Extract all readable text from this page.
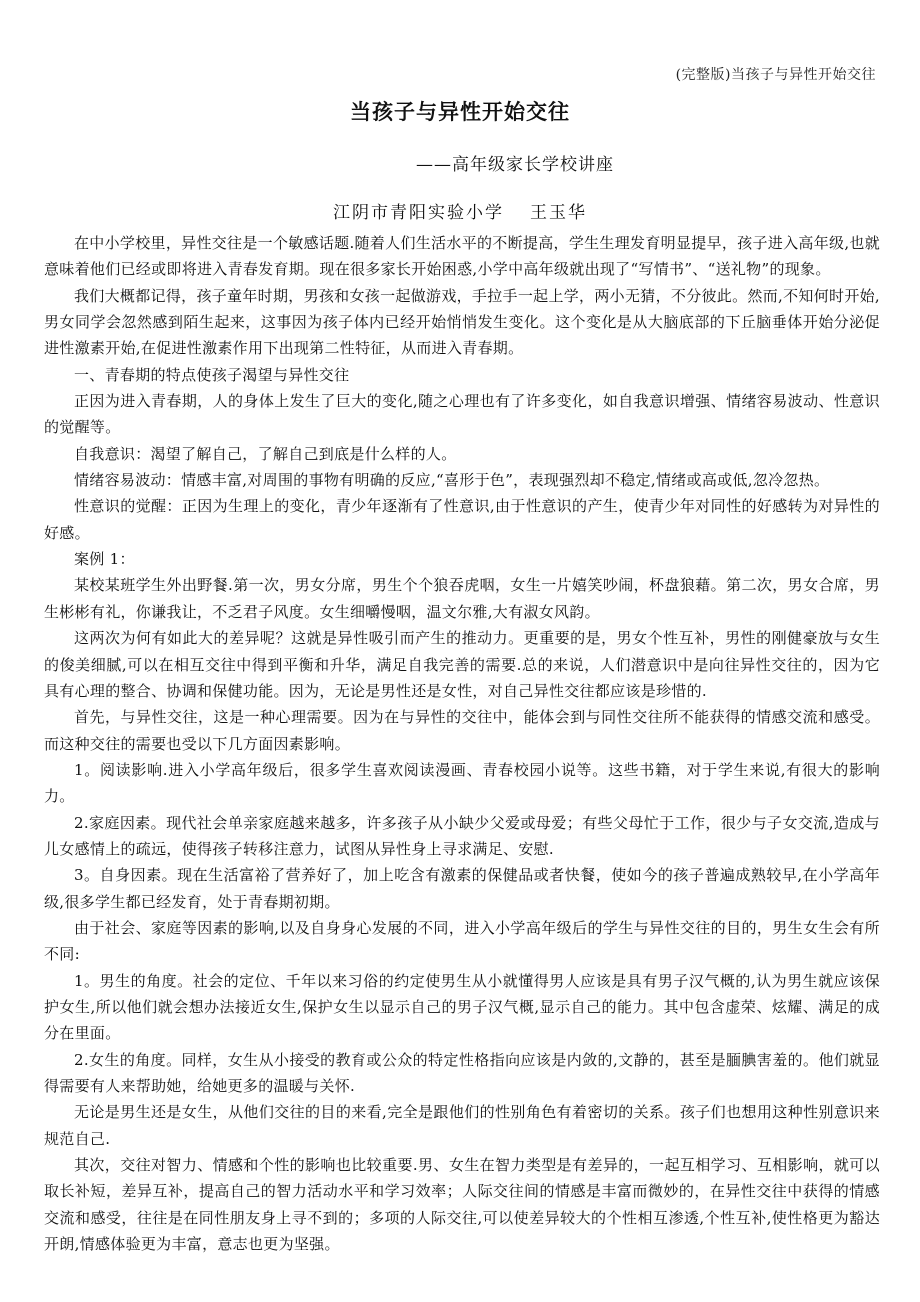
(完整版)当孩子与异性开始交往
当孩子与异性开始交往
——高年级家长学校讲座
江阴市青阳实验小学 王玉华

在中小学校里，异性交往是一个敏感话题.随着人们生活水平的不断提高，学生生理发育明显提早，孩子进入高年级,也就意味着他们已经或即将进入青春发育期。现在很多家长开始困惑,小学中高年级就出现了“写情书”、“送礼物”的现象。

我们大概都记得，孩子童年时期，男孩和女孩一起做游戏，手拉手一起上学，两小无猜，不分彼此。然而,不知何时开始,男女同学会忽然感到陌生起来，这事因为孩子体内已经开始悄悄发生变化。这个变化是从大脑底部的下丘脑垂体开始分泌促进性激素开始,在促进性激素作用下出现第二性特征，从而进入青春期。

一、青春期的特点使孩子渴望与异性交往

正因为进入青春期，人的身体上发生了巨大的变化,随之心理也有了许多变化，如自我意识增强、情绪容易波动、性意识的觉醒等。

自我意识：渴望了解自己，了解自己到底是什么样的人。

情绪容易波动：情感丰富,对周围的事物有明确的反应,“喜形于色”，表现强烈却不稳定,情绪或高或低,忽冷忽热。

性意识的觉醒：正因为生理上的变化，青少年逐渐有了性意识,由于性意识的产生，使青少年对同性的好感转为对异性的好感。

案例 1：

某校某班学生外出野餐.第一次，男女分席，男生个个狼吞虎咽，女生一片嬉笑吵闹，杯盘狼藉。第二次，男女合席，男生彬彬有礼，你谦我让，不乏君子风度。女生细嚼慢咽，温文尔雅,大有淑女风韵。

这两次为何有如此大的差异呢？这就是异性吸引而产生的推动力。更重要的是，男女个性互补，男性的刚健豪放与女生的俊美细腻,可以在相互交往中得到平衡和升华，满足自我完善的需要.总的来说，人们潜意识中是向往异性交往的，因为它具有心理的整合、协调和保健功能。因为，无论是男性还是女性，对自己异性交往都应该是珍惜的.

首先，与异性交往，这是一种心理需要。因为在与异性的交往中，能体会到与同性交往所不能获得的情感交流和感受。而这种交往的需要也受以下几方面因素影响。

1。阅读影响.进入小学高年级后，很多学生喜欢阅读漫画、青春校园小说等。这些书籍，对于学生来说,有很大的影响力。

2.家庭因素。现代社会单亲家庭越来越多，许多孩子从小缺少父爱或母爱；有些父母忙于工作，很少与子女交流,造成与儿女感情上的疏远，使得孩子转移注意力，试图从异性身上寻求满足、安慰.

3。自身因素。现在生活富裕了营养好了，加上吃含有激素的保健品或者快餐，使如今的孩子普遍成熟较早,在小学高年级,很多学生都已经发育，处于青春期初期。

由于社会、家庭等因素的影响,以及自身身心发展的不同，进入小学高年级后的学生与异性交往的目的，男生女生会有所不同:

1。男生的角度。社会的定位、千年以来习俗的约定使男生从小就懂得男人应该是具有男子汉气概的,认为男生就应该保护女生,所以他们就会想办法接近女生,保护女生以显示自己的男子汉气概,显示自己的能力。其中包含虚荣、炫耀、满足的成分在里面。

2.女生的角度。同样，女生从小接受的教育或公众的特定性格指向应该是内敛的,文静的，甚至是腼腆害羞的。他们就显得需要有人来帮助她，给她更多的温暖与关怀.

无论是男生还是女生，从他们交往的目的来看,完全是跟他们的性别角色有着密切的关系。孩子们也想用这种性别意识来规范自己.

其次，交往对智力、情感和个性的影响也比较重要.男、女生在智力类型是有差异的，一起互相学习、互相影响，就可以取长补短，差异互补，提高自己的智力活动水平和学习效率；人际交往间的情感是丰富而微妙的，在异性交往中获得的情感交流和感受，往往是在同性朋友身上寻不到的；多项的人际交往,可以使差异较大的个性相互渗透,个性互补,使性格更为豁达开朗,情感体验更为丰富，意志也更为坚强。
